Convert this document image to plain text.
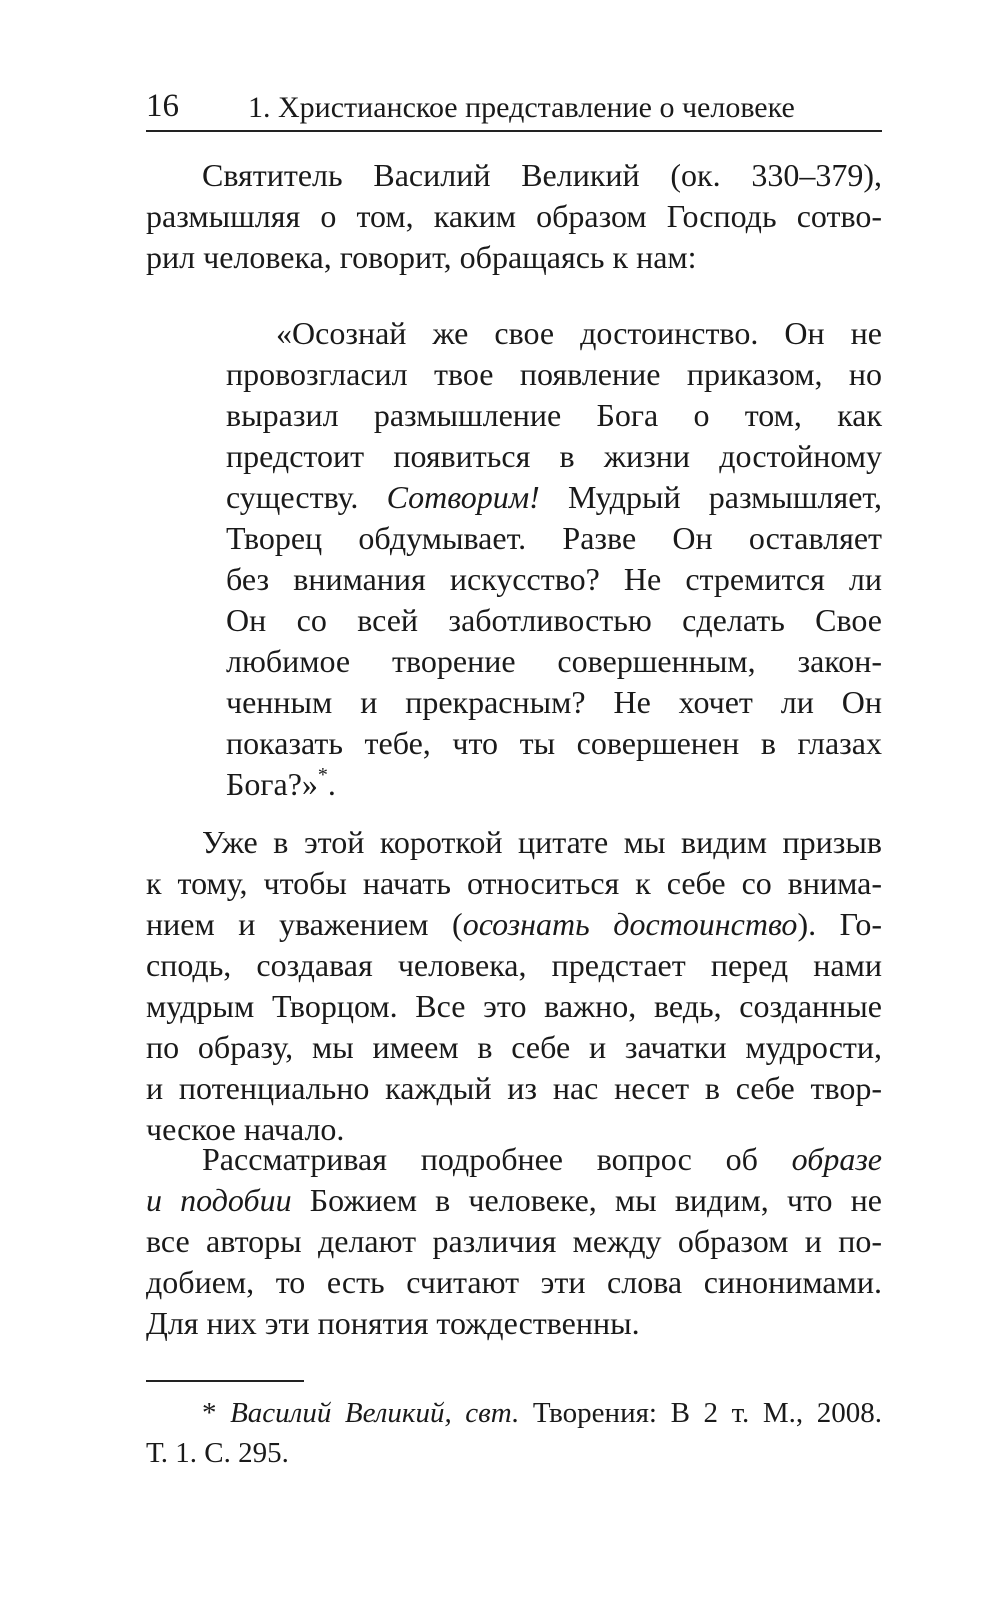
16 1. Христианское представление о человеке
Святитель Василий Великий (ок. 330–379),
размышляя о том, каким образом Господь сотво-
рил человека, говорит, обращаясь к нам:
«Осознай же свое достоинство. Он не
провозгласил твое появление приказом, но
выразил размышление Бога о том, как
предстоит появиться в жизни достойному
существу. Сотворим! Мудрый размышляет,
Творец обдумывает. Разве Он оставляет
без внимания искусство? Не стремится ли
Он со всей заботливостью сделать Свое
любимое творение совершенным, закон-
ченным и прекрасным? Не хочет ли Он
показать тебе, что ты совершенен в глазах
Бога?»*.
Уже в этой короткой цитате мы видим призыв
к тому, чтобы начать относиться к себе со внима-
нием и уважением (осознать достоинство). Го-
сподь, создавая человека, предстает перед нами
мудрым Творцом. Все это важно, ведь, созданные
по образу, мы имеем в себе и зачатки мудрости,
и потенциально каждый из нас несет в себе твор-
ческое начало.
Рассматривая подробнее вопрос об образе
и подобии Божием в человеке, мы видим, что не
все авторы делают различия между образом и по-
добием, то есть считают эти слова синонимами.
Для них эти понятия тождественны.
* Василий Великий, свт. Творения: В 2 т. М., 2008.
Т. 1. С. 295.
